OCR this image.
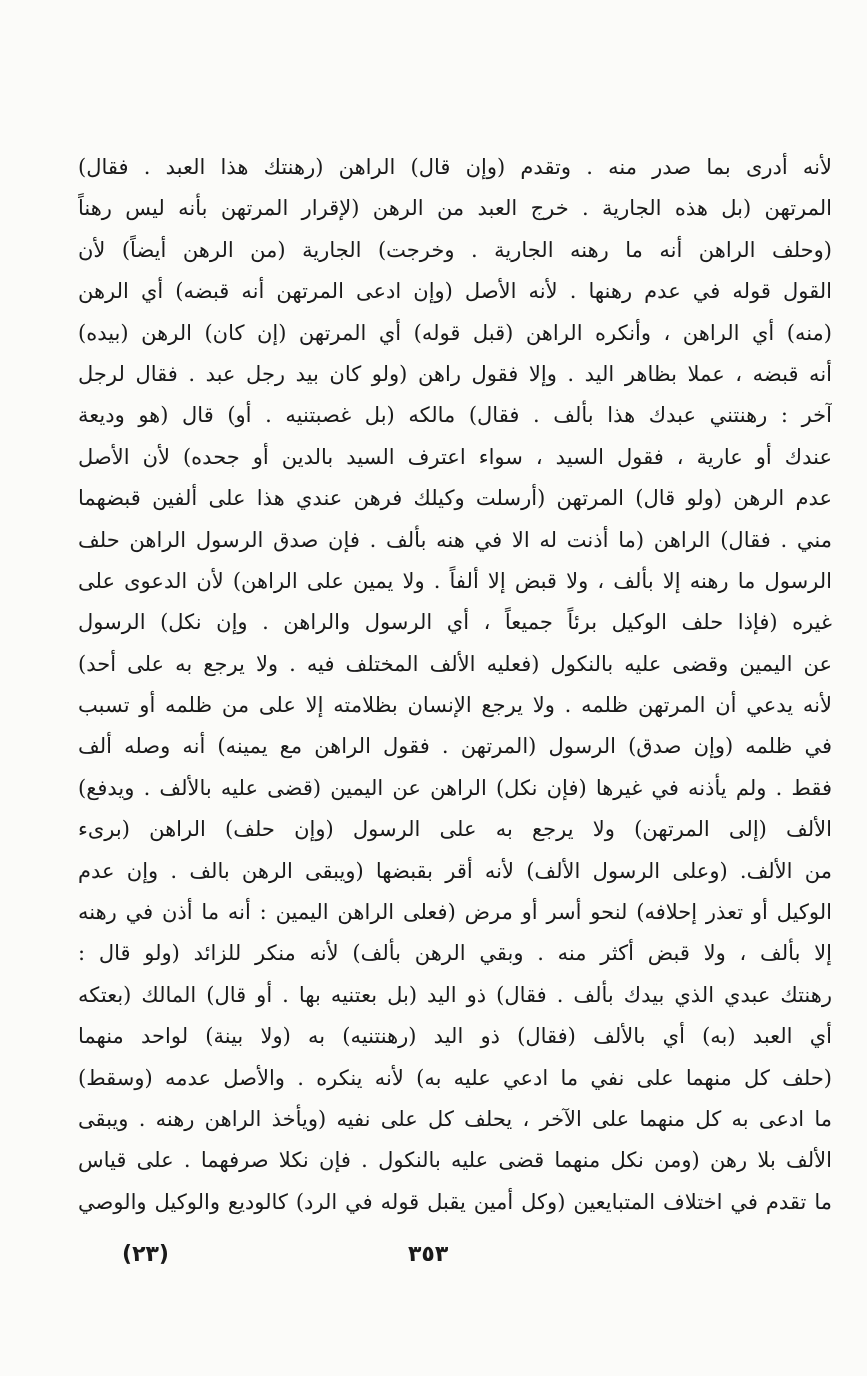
لأنه أدرى بما صدر منه . وتقدم (وإن قال) الراهن (رهنتك هذا العبد . فقال)
المرتهن (بل هذه الجارية . خرج العبد من الرهن (لإقرار المرتهن بأنه ليس رهناً
(وحلف الراهن أنه ما رهنه الجارية . وخرجت) الجارية (من الرهن أيضاً) لأن
القول قوله في عدم رهنها . لأنه الأصل (وإن ادعى المرتهن أنه قبضه) أي الرهن
(منه) أي الراهن ، وأنكره الراهن (قبل قوله) أي المرتهن (إن كان) الرهن (بيده)
أنه قبضه ، عملا بظاهر اليد . وإلا فقول راهن (ولو كان بيد رجل عبد . فقال لرجل
آخر : رهنتني عبدك هذا بألف . فقال) مالكه (بل غصبتنيه . أو) قال (هو وديعة
عندك أو عارية ، فقول السيد ، سواء اعترف السيد بالدين أو جحده) لأن الأصل
عدم الرهن (ولو قال) المرتهن (أرسلت وكيلك فرهن عندي هذا على ألفين قبضهما
مني . فقال) الراهن (ما أذنت له الا في هنه بألف . فإن صدق الرسول الراهن حلف
الرسول ما رهنه إلا بألف ، ولا قبض إلا ألفاً . ولا يمين على الراهن) لأن الدعوى على
غيره (فإذا حلف الوكيل برئاً جميعاً ، أي الرسول والراهن . وإن نكل) الرسول
عن اليمين وقضى عليه بالنكول (فعليه الألف المختلف فيه . ولا يرجع به على أحد)
لأنه يدعي أن المرتهن ظلمه . ولا يرجع الإنسان بظلامته إلا على من ظلمه أو تسبب
في ظلمه (وإن صدق) الرسول (المرتهن . فقول الراهن مع يمينه) أنه وصله ألف
فقط . ولم يأذنه في غيرها (فإن نكل) الراهن عن اليمين (قضى عليه بالألف . ويدفع)
الألف (إلى المرتهن) ولا يرجع به على الرسول (وإن حلف) الراهن (برىء
من الألف. (وعلى الرسول الألف) لأنه أقر بقبضها (ويبقى الرهن بالف . وإن عدم
الوكيل أو تعذر إحلافه) لنحو أسر أو مرض (فعلى الراهن اليمين : أنه ما أذن في رهنه
إلا بألف ، ولا قبض أكثر منه . وبقي الرهن بألف) لأنه منكر للزائد (ولو قال :
رهنتك عبدي الذي بيدك بألف . فقال) ذو اليد (بل بعتنيه بها . أو قال) المالك (بعتكه
أي العبد (به) أي بالألف (فقال) ذو اليد (رهنتنيه) به (ولا بينة) لواحد منهما
(حلف كل منهما على نفي ما ادعي عليه به) لأنه ينكره . والأصل عدمه (وسقط)
ما ادعى به كل منهما على الآخر ، يحلف كل على نفيه (ويأخذ الراهن رهنه . ويبقى
الألف بلا رهن (ومن نكل منهما قضى عليه بالنكول . فإن نكلا صرفهما . على قياس
ما تقدم في اختلاف المتبايعين (وكل أمين يقبل قوله في الرد) كالوديع والوكيل والوصي
(٢٣)	٣٥٣
